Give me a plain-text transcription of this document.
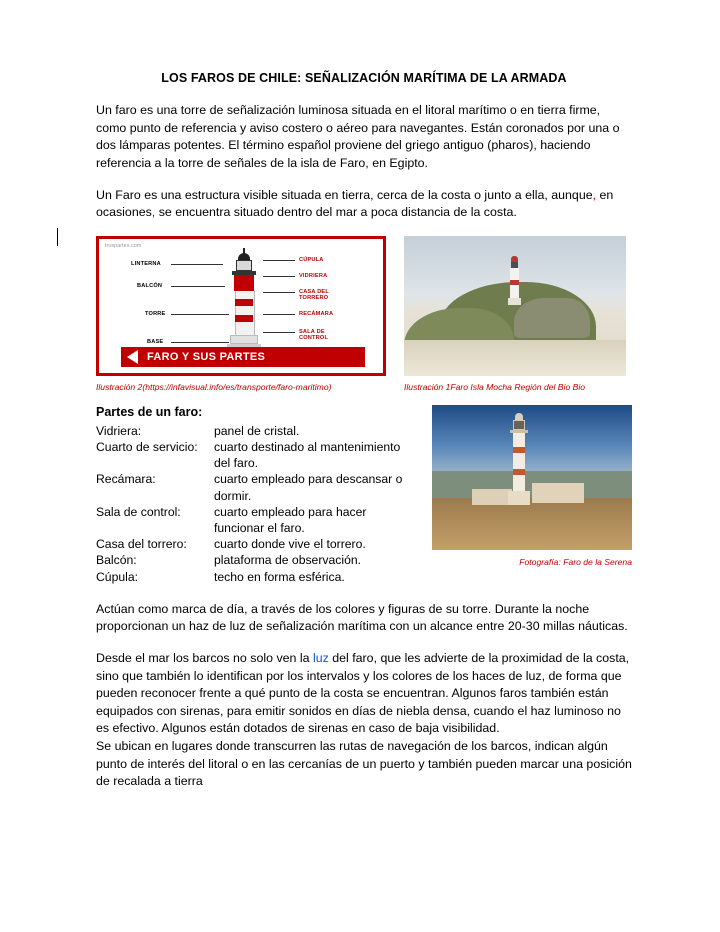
LOS FAROS DE CHILE: SEÑALIZACIÓN MARÍTIMA DE LA ARMADA

Un faro es una torre de señalización luminosa situada en el litoral marítimo o en tierra firme, como punto de referencia y aviso costero o aéreo para navegantes. Están coronados por una o dos lámparas potentes. El término español proviene del griego antiguo (pharos), haciendo referencia a la torre de señales de la isla de Faro, en Egipto.

Un Faro es una estructura visible situada en tierra, cerca de la costa o junto a ella, aunque, en ocasiones, se encuentra situado dentro del mar a poca distancia de la costa.

truspartes.com
LINTERNA
BALCÓN
TORRE
BASE
CÚPULA
VIDRIERA
CASA DEL TORRERO
RECÁMARA
SALA DE CONTROL
FARO Y SUS PARTES
Ilustración 2(https://infavisual.info/es/transporte/faro-maritimo)	Ilustración 1Faro Isla Mocha Región del Bio Bio
Partes de un faro:
Vidriera:	panel de cristal.
Cuarto de servicio:	cuarto destinado al mantenimiento del faro.
Recámara:	cuarto empleado para descansar o dormir.
Sala de control:	cuarto empleado para hacer funcionar el faro.
Casa del torrero:	cuarto donde vive el torrero.
Balcón:	plataforma de observación.
Cúpula:	techo en forma esférica.
Fotografía: Faro de la Serena

Actúan como marca de día, a través de los colores y figuras de su torre. Durante la noche proporcionan un haz de luz de señalización marítima con un alcance entre 20-30 millas náuticas.

Desde el mar los barcos no solo ven la luz del faro, que les advierte de la proximidad de la costa, sino que también lo identifican por los intervalos y los colores de los haces de luz, de forma que pueden reconocer frente a qué punto de la costa se encuentran. Algunos faros también están equipados con sirenas, para emitir sonidos en días de niebla densa, cuando el haz luminoso no es efectivo. Algunos están dotados de sirenas en caso de baja visibilidad.

Se ubican en lugares donde transcurren las rutas de navegación de los barcos, indican algún punto de interés del litoral o en las cercanías de un puerto y también pueden marcar una posición de recalada a tierra
